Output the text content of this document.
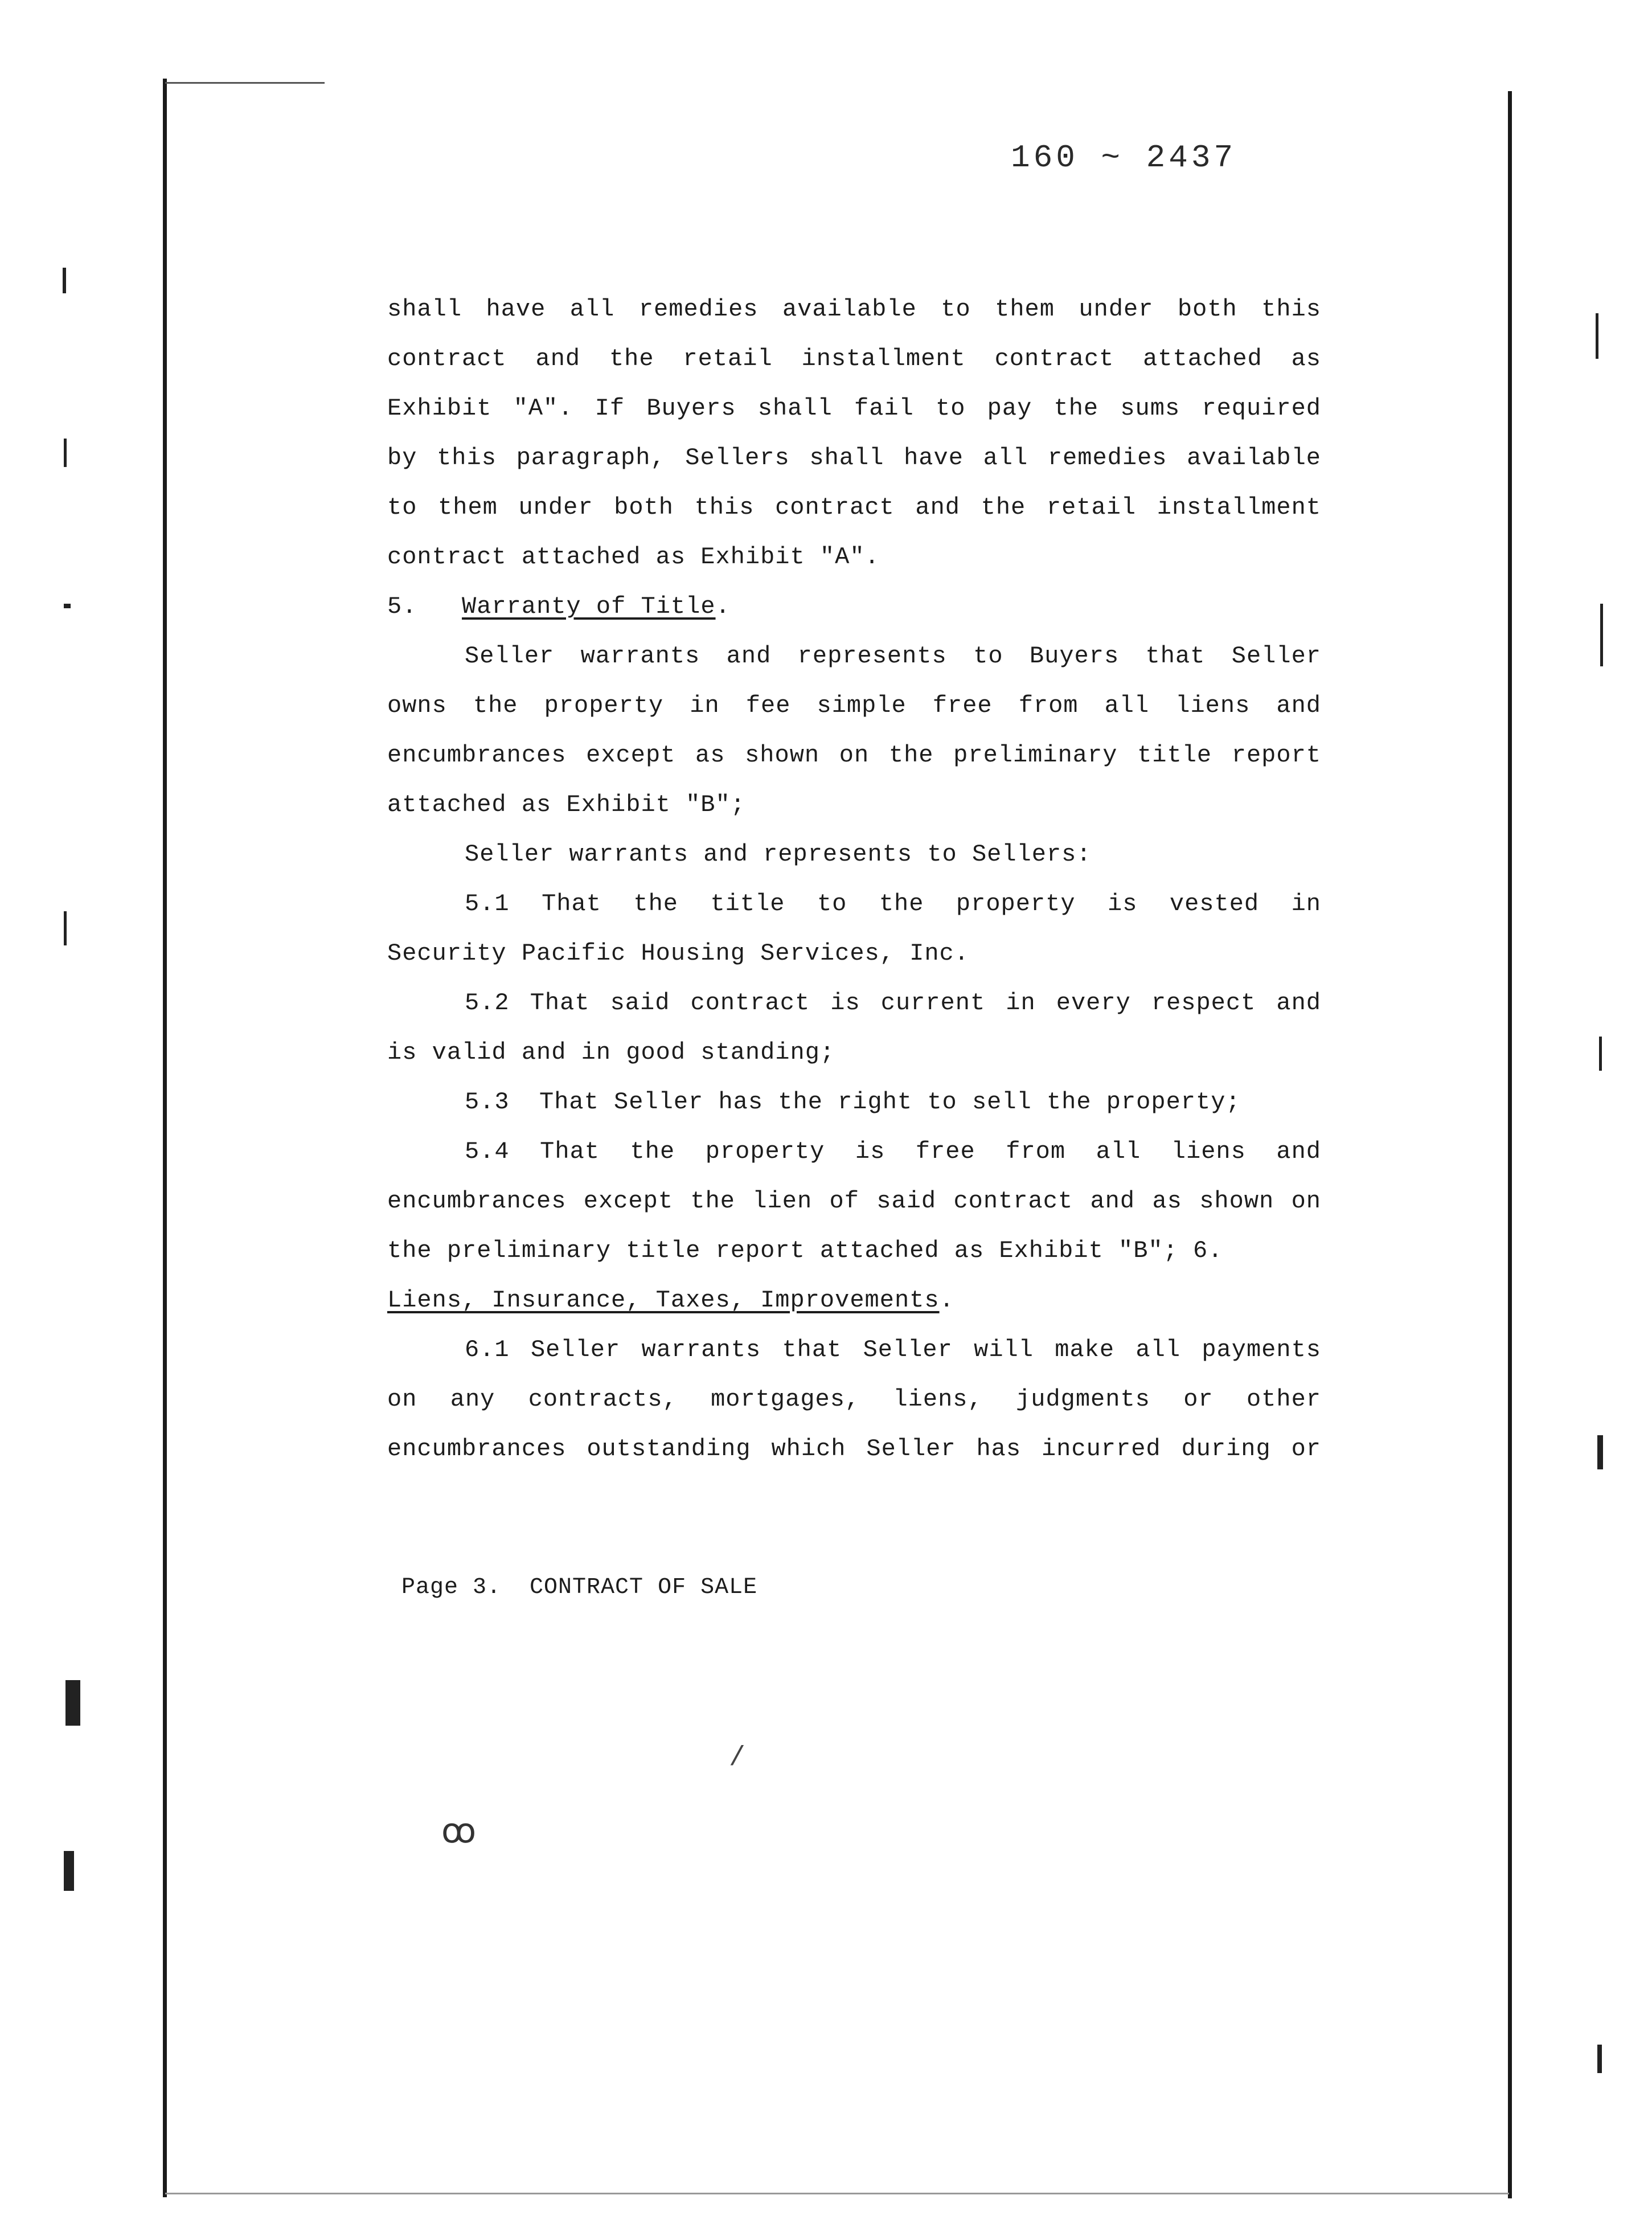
160 ~ 2437
shall have all remedies available to them under both this
contract and the retail installment contract attached as
Exhibit "A". If Buyers shall fail to pay the sums required
by this paragraph, Sellers shall have all remedies available
to them under both this contract and the retail installment
contract attached as Exhibit "A".
5. Warranty of Title.
Seller warrants and represents to Buyers that Seller
owns the property in fee simple free from all liens and
encumbrances except as shown on the preliminary title report
attached as Exhibit "B";
Seller warrants and represents to Sellers:
5.1 That the title to the property is vested in
Security Pacific Housing Services, Inc.
5.2 That said contract is current in every respect and
is valid and in good standing;
5.3  That Seller has the right to sell the property;
5.4 That the property is free from all liens and
encumbrances except the lien of said contract and as shown on
the preliminary title report attached as Exhibit "B"; 6.
Liens, Insurance, Taxes, Improvements.
6.1 Seller warrants that Seller will make all payments
on any contracts, mortgages, liens, judgments or other
encumbrances outstanding which Seller has incurred during or
Page 3. CONTRACT OF SALE
ꝏ
/
